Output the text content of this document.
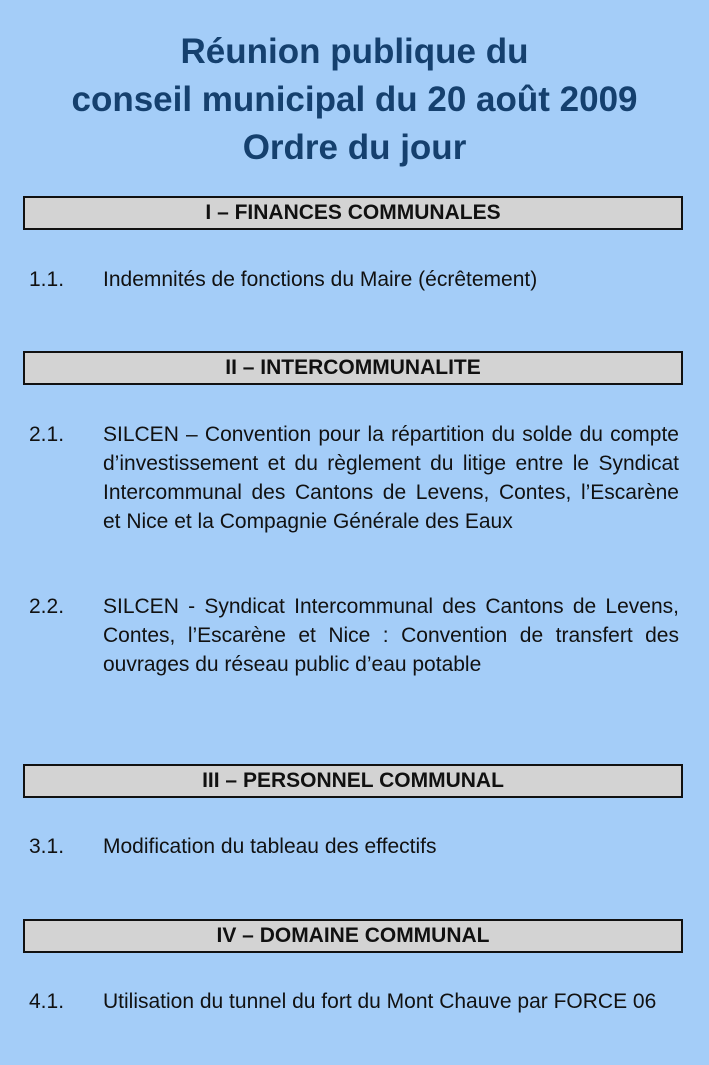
Réunion publique du
conseil municipal du 20 août 2009
Ordre du jour
I – FINANCES COMMUNALES
1.1.	Indemnités de fonctions du Maire (écrêtement)
II – INTERCOMMUNALITE
2.1.	SILCEN – Convention pour la répartition du solde du compte d’investissement et du règlement du litige entre le Syndicat Intercommunal des Cantons de Levens, Contes, l’Escarène et Nice et la Compagnie Générale des Eaux
2.2.	SILCEN - Syndicat Intercommunal des Cantons de Levens, Contes, l’Escarène et Nice : Convention de transfert des ouvrages du réseau public d’eau potable
III – PERSONNEL COMMUNAL
3.1.	Modification du tableau des effectifs
IV – DOMAINE COMMUNAL
4.1.	Utilisation du tunnel du fort du Mont Chauve par FORCE 06
